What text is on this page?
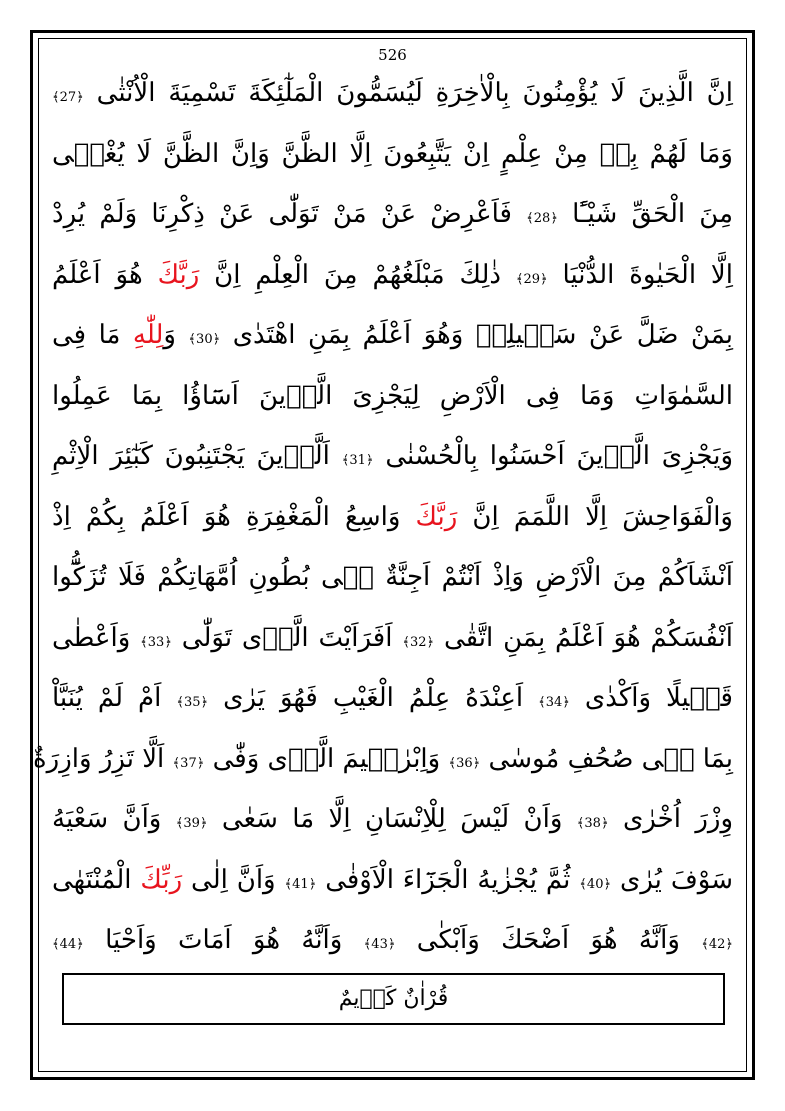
526
اِنَّ الَّذِينَ لَا يُؤْمِنُونَ بِالْاٰخِرَةِ لَيُسَمُّونَ الْمَلٰٓئِكَةَ تَسْمِيَةَ الْاُنْثٰى ﴿27﴾
وَمَا لَهُمْ بِهٖ مِنْ عِلْمٍ اِنْ يَتَّبِعُونَ اِلَّا الظَّنَّ وَاِنَّ الظَّنَّ لَا يُغْنٖى
مِنَ الْحَقِّ شَيْـًٔا ﴿28﴾ فَاَعْرِضْ عَنْ مَنْ تَوَلّٰى عَنْ ذِكْرِنَا وَلَمْ يُرِدْ
اِلَّا الْحَيٰوةَ الدُّنْيَا ﴿29﴾ ذٰلِكَ مَبْلَغُهُمْ مِنَ الْعِلْمِ اِنَّ رَبَّكَ هُوَ اَعْلَمُ
بِمَنْ ضَلَّ عَنْ سَبٖيلِهٖ وَهُوَ اَعْلَمُ بِمَنِ اهْتَدٰى ﴿30﴾ وَلِلّٰهِ مَا فِى
السَّمٰوَاتِ وَمَا فِى الْاَرْضِ لِيَجْزِىَ الَّذٖينَ اَسَٓاؤُا بِمَا عَمِلُوا
وَيَجْزِىَ الَّذٖينَ اَحْسَنُوا بِالْحُسْنٰى ﴿31﴾ اَلَّذٖينَ يَجْتَنِبُونَ كَبٰٓئِرَ الْاِثْمِ
وَالْفَوَاحِشَ اِلَّا اللَّمَمَ اِنَّ رَبَّكَ وَاسِعُ الْمَغْفِرَةِ هُوَ اَعْلَمُ بِكُمْ اِذْ
اَنْشَاَكُمْ مِنَ الْاَرْضِ وَاِذْ اَنْتُمْ اَجِنَّةٌ فٖى بُطُونِ اُمَّهَاتِكُمْ فَلَا تُزَكُّٓوا
اَنْفُسَكُمْ هُوَ اَعْلَمُ بِمَنِ اتَّقٰى ﴿32﴾ اَفَرَاَيْتَ الَّذٖى تَوَلّٰى ﴿33﴾ وَاَعْطٰى
قَلٖيلًا وَاَكْدٰى ﴿34﴾ اَعِنْدَهُ عِلْمُ الْغَيْبِ فَهُوَ يَرٰى ﴿35﴾ اَمْ لَمْ يُنَبَّاْ
بِمَا فٖى صُحُفِ مُوسٰى ﴿36﴾ وَاِبْرٰهٖيمَ الَّذٖى وَفّٰى ﴿37﴾ اَلَّا تَزِرُ وَازِرَةٌ
وِزْرَ اُخْرٰى ﴿38﴾ وَاَنْ لَيْسَ لِلْاِنْسَانِ اِلَّا مَا سَعٰى ﴿39﴾ وَاَنَّ سَعْيَهُ
سَوْفَ يُرٰى ﴿40﴾ ثُمَّ يُجْزٰيهُ الْجَزَٓاءَ الْاَوْفٰى ﴿41﴾ وَاَنَّ اِلٰى رَبِّكَ الْمُنْتَهٰى
﴿42﴾ وَاَنَّهُ هُوَ اَضْحَكَ وَاَبْكٰى ﴿43﴾ وَاَنَّهُ هُوَ اَمَاتَ وَاَحْيَا ﴿44﴾
قُرْاٰنٌ كَرٖيمٌ
